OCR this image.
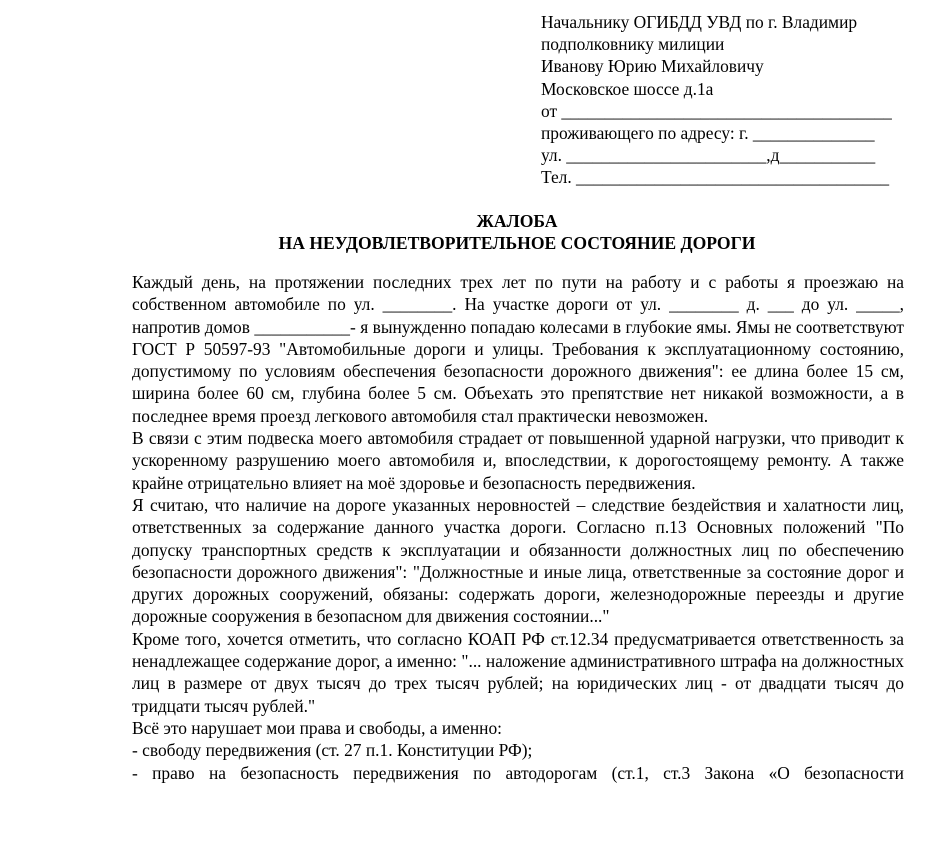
Начальнику ОГИБДД УВД по г. Владимир
подполковнику милиции
Иванову Юрию Михайловичу
Московское шоссе д.1а
от ______________________________________
проживающего по адресу: г. ______________
ул. _______________________,д___________
Тел. ____________________________________
ЖАЛОБА
НА НЕУДОВЛЕТВОРИТЕЛЬНОЕ СОСТОЯНИЕ ДОРОГИ

Каждый день, на протяжении последних трех лет по пути на работу и с работы я проезжаю на собственном автомобиле по ул. ________. На участке дороги от ул. ________ д. ___ до ул. _____, напротив домов ___________- я вынужденно попадаю колесами в глубокие ямы. Ямы не соответствуют ГОСТ Р 50597-93 "Автомобильные дороги и улицы. Требования к эксплуатационному состоянию, допустимому по условиям обеспечения безопасности дорожного движения": ее длина более 15 см, ширина более 60 см, глубина более 5 см. Объехать это препятствие нет никакой возможности, а в последнее время проезд легкового автомобиля стал практически невозможен.

В связи с этим подвеска моего автомобиля страдает от повышенной ударной нагрузки, что приводит к ускоренному разрушению моего автомобиля и, впоследствии, к дорогостоящему ремонту. А также крайне отрицательно влияет на моё здоровье и безопасность передвижения.

Я считаю, что наличие на дороге указанных неровностей – следствие бездействия и халатности лиц, ответственных за содержание данного участка дороги. Согласно п.13 Основных положений "По допуску транспортных средств к эксплуатации и обязанности должностных лиц по обеспечению безопасности дорожного движения": "Должностные и иные лица, ответственные за состояние дорог и других дорожных сооружений, обязаны: содержать дороги, железнодорожные переезды и другие дорожные сооружения в безопасном для движения состоянии..."

Кроме того, хочется отметить, что согласно КОАП РФ ст.12.34 предусматривается ответственность за ненадлежащее содержание дорог, а именно: "... наложение административного штрафа на должностных лиц в размере от двух тысяч до трех тысяч рублей; на юридических лиц - от двадцати тысяч до тридцати тысяч рублей."

Всё это нарушает мои права и свободы, а именно:

- свободу передвижения (ст. 27 п.1. Конституции РФ);

- право на безопасность передвижения по автодорогам (ст.1, ст.3 Закона «О безопасности
